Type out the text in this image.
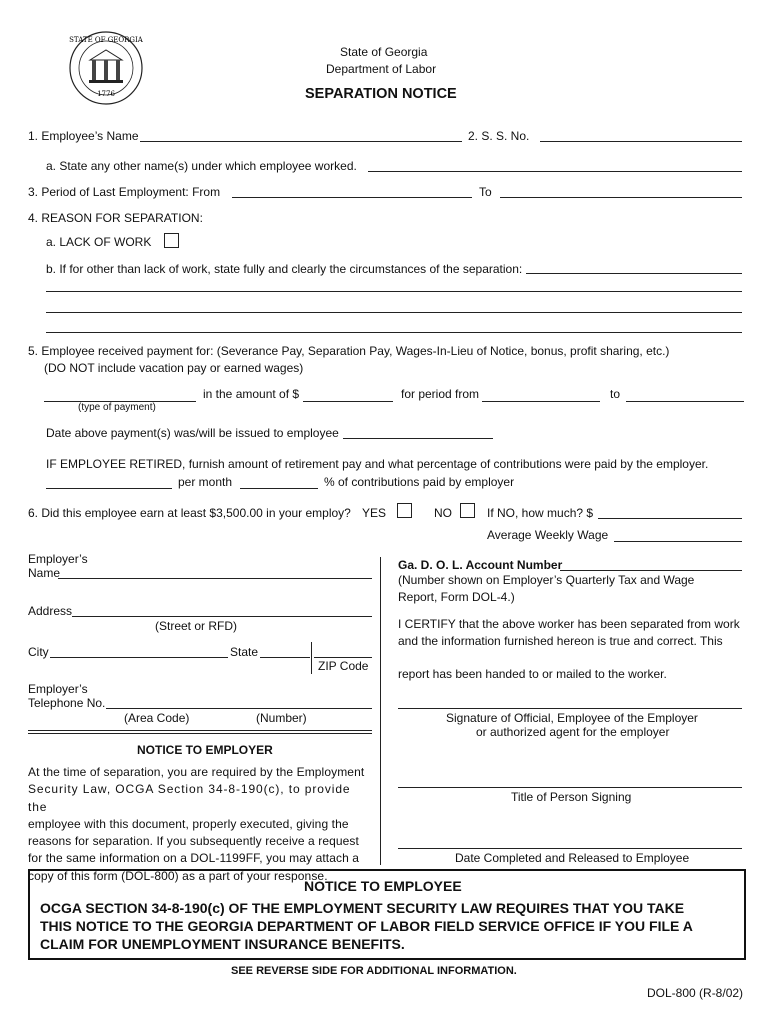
STATE OF GEORGIA
1776
State of Georgia
Department of Labor
SEPARATION NOTICE
1. Employee’s Name	2. S. S. No.
a. State any other name(s) under which employee worked.
3. Period of Last Employment: From	To
4. REASON FOR SEPARATION:
a. LACK OF WORK
b. If for other than lack of work, state fully and clearly the circumstances of the separation:
5. Employee received payment for: (Severance Pay, Separation Pay, Wages-In-Lieu of Notice, bonus, profit sharing, etc.)
(DO NOT include vacation pay or earned wages)
in the amount of $	for period from	to
(type of payment)
Date above payment(s) was/will be issued to employee
IF EMPLOYEE RETIRED, furnish amount of retirement pay and what percentage of contributions were paid by the employer.
per month	% of contributions paid by employer
6. Did this employee earn at least $3,500.00 in your employ? YES	NO	If NO, how much? $
Average Weekly Wage
Employer’s
Name
Address
(Street or RFD)
City	State
ZIP Code
Employer’s
Telephone No.
(Area Code)	(Number)
NOTICE TO EMPLOYER
At the time of separation, you are required by the Employment
Security Law, OCGA Section 34-8-190(c), to provide the
employee with this document, properly executed, giving the
reasons for separation. If you subsequently receive a request
for the same information on a DOL-1199FF, you may attach a
copy of this form (DOL-800) as a part of your response.
Ga. D. O. L. Account Number
(Number shown on Employer’s Quarterly Tax and Wage
Report, Form DOL-4.)
I CERTIFY that the above worker has been separated from work
and the information furnished hereon is true and correct. This
report has been handed to or mailed to the worker.
Signature of Official, Employee of the Employer
or authorized agent for the employer
Title of Person Signing
Date Completed and Released to Employee
NOTICE TO EMPLOYEE
OCGA SECTION 34-8-190(c) OF THE EMPLOYMENT SECURITY LAW REQUIRES THAT YOU TAKE
THIS NOTICE TO THE GEORGIA DEPARTMENT OF LABOR FIELD SERVICE OFFICE IF YOU FILE A
CLAIM FOR UNEMPLOYMENT INSURANCE BENEFITS.
SEE REVERSE SIDE FOR ADDITIONAL INFORMATION.
DOL-800 (R-8/02)
